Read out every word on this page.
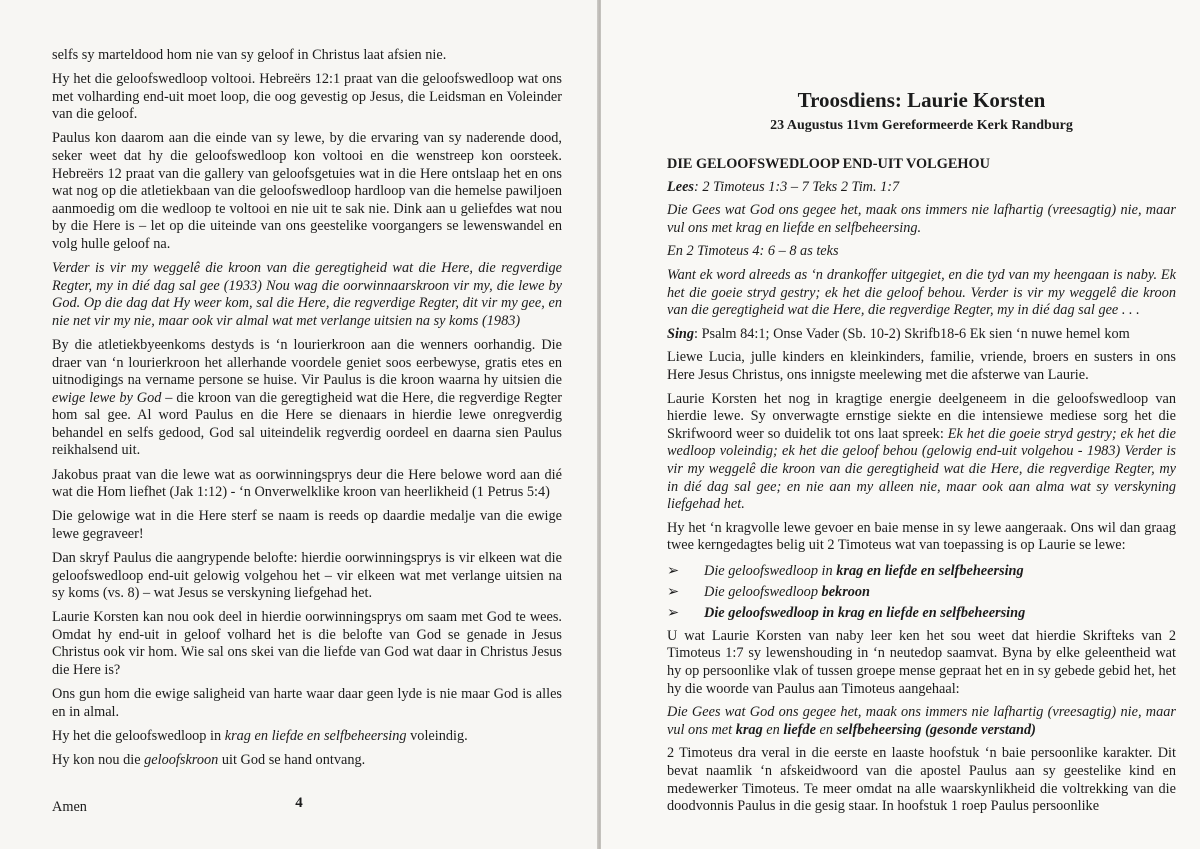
selfs sy marteldood hom nie van sy geloof in Christus laat afsien nie.

Hy het die geloofswedloop voltooi. Hebreërs 12:1 praat van die geloofswedloop wat ons met volharding end-uit moet loop, die oog gevestig op Jesus, die Leidsman en Voleinder van die geloof.

Paulus kon daarom aan die einde van sy lewe, by die ervaring van sy naderende dood, seker weet dat hy die geloofswedloop kon voltooi en die wenstreep kon oorsteek. Hebreërs 12 praat van die gallery van geloofsgetuies wat in die Here ontslaap het en ons wat nog op die atletiekbaan van die geloofswedloop hardloop van die hemelse pawiljoen aanmoedig om die wedloop te voltooi en nie uit te sak nie. Dink aan u geliefdes wat nou by die Here is – let op die uiteinde van ons geestelike voorgangers se lewenswandel en volg hulle geloof na.

Verder is vir my weggelê die kroon van die geregtigheid wat die Here, die regverdige Regter, my in dié dag sal gee (1933) Nou wag die oorwinnaarskroon vir my, die lewe by God. Op die dag dat Hy weer kom, sal die Here, die regverdige Regter, dit vir my gee, en nie net vir my nie, maar ook vir almal wat met verlange uitsien na sy koms (1983)

By die atletiekbyeenkoms destyds is ‘n lourierkroon aan die wenners oorhandig. Die draer van ‘n lourierkroon het allerhande voordele geniet soos eerbewyse, gratis etes en uitnodigings na vername persone se huise. Vir Paulus is die kroon waarna hy uitsien die ewige lewe by God – die kroon van die geregtigheid wat die Here, die regverdige Regter hom sal gee. Al word Paulus en die Here se dienaars in hierdie lewe onregverdig behandel en selfs gedood, God sal uiteindelik regverdig oordeel en daarna sien Paulus reikhalsend uit.

Jakobus praat van die lewe wat as oorwinningsprys deur die Here belowe word aan dié wat die Hom liefhet (Jak 1:12) - ‘n Onverwelklike kroon van heerlikheid (1 Petrus 5:4)

Die gelowige wat in die Here sterf se naam is reeds op daardie medalje van die ewige lewe gegraveer!

Dan skryf Paulus die aangrypende belofte: hierdie oorwinningsprys is vir elkeen wat die geloofswedloop end-uit gelowig volgehou het – vir elkeen wat met verlange uitsien na sy koms (vs. 8) – wat Jesus se verskyning liefgehad het.

Laurie Korsten kan nou ook deel in hierdie oorwinningsprys om saam met God te wees. Omdat hy end-uit in geloof volhard het is die belofte van God se genade in Jesus Christus ook vir hom. Wie sal ons skei van die liefde van God wat daar in Christus Jesus die Here is?

Ons gun hom die ewige saligheid van harte waar daar geen lyde is nie maar God is alles en in almal.

Hy het die geloofswedloop in krag en liefde en selfbeheersing voleindig.

Hy kon nou die geloofskroon uit God se hand ontvang.

Amen	4
Troosdiens: Laurie Korsten
23 Augustus 11vm Gereformeerde Kerk Randburg
DIE GELOOFSWEDLOOP END-UIT VOLGEHOU

Lees: 2 Timoteus 1:3 – 7 Teks 2 Tim. 1:7

Die Gees wat God ons gegee het, maak ons immers nie lafhartig (vreesagtig) nie, maar vul ons met krag en liefde en selfbeheersing.

En 2 Timoteus 4: 6 – 8 as teks

Want ek word alreeds as ‘n drankoffer uitgegiet, en die tyd van my heengaan is naby. Ek het die goeie stryd gestry; ek het die geloof behou. Verder is vir my weggelê die kroon van die geregtigheid wat die Here, die regverdige Regter, my in dié dag sal gee . . .

Sing: Psalm 84:1; Onse Vader (Sb. 10-2) Skrifb18-6 Ek sien ‘n nuwe hemel kom

Liewe Lucia, julle kinders en kleinkinders, familie, vriende, broers en susters in ons Here Jesus Christus, ons innigste meelewing met die afsterwe van Laurie.

Laurie Korsten het nog in kragtige energie deelgeneem in die geloofswedloop van hierdie lewe. Sy onverwagte ernstige siekte en die intensiewe mediese sorg het die Skrifwoord weer so duidelik tot ons laat spreek: Ek het die goeie stryd gestry; ek het die wedloop voleindig; ek het die geloof behou (gelowig end-uit volgehou - 1983) Verder is vir my weggelê die kroon van die geregtigheid wat die Here, die regverdige Regter, my in dié dag sal gee; en nie aan my alleen nie, maar ook aan alma wat sy verskyning liefgehad het.

Hy het ‘n kragvolle lewe gevoer en baie mense in sy lewe aangeraak. Ons wil dan graag twee kerngedagtes belig uit 2 Timoteus wat van toepassing is op Laurie se lewe:

➢	Die geloofswedloop in krag en liefde en selfbeheersing
➢	Die geloofswedloop bekroon
➢	Die geloofswedloop in krag en liefde en selfbeheersing

U wat Laurie Korsten van naby leer ken het sou weet dat hierdie Skrifteks van 2 Timoteus 1:7 sy lewenshouding in ‘n neutedop saamvat. Byna by elke geleentheid wat hy op persoonlike vlak of tussen groepe mense gepraat het en in sy gebede gebid het, het hy die woorde van Paulus aan Timoteus aangehaal:

Die Gees wat God ons gegee het, maak ons immers nie lafhartig (vreesagtig) nie, maar vul ons met krag en liefde en selfbeheersing (gesonde verstand)

2 Timoteus dra veral in die eerste en laaste hoofstuk ‘n baie persoonlike karakter. Dit bevat naamlik ‘n afskeidwoord van die apostel Paulus aan sy geestelike kind en medewerker Timoteus. Te meer omdat na alle waarskynlikheid die voltrekking van die doodvonnis Paulus in die gesig staar. In hoofstuk 1 roep Paulus persoonlike
